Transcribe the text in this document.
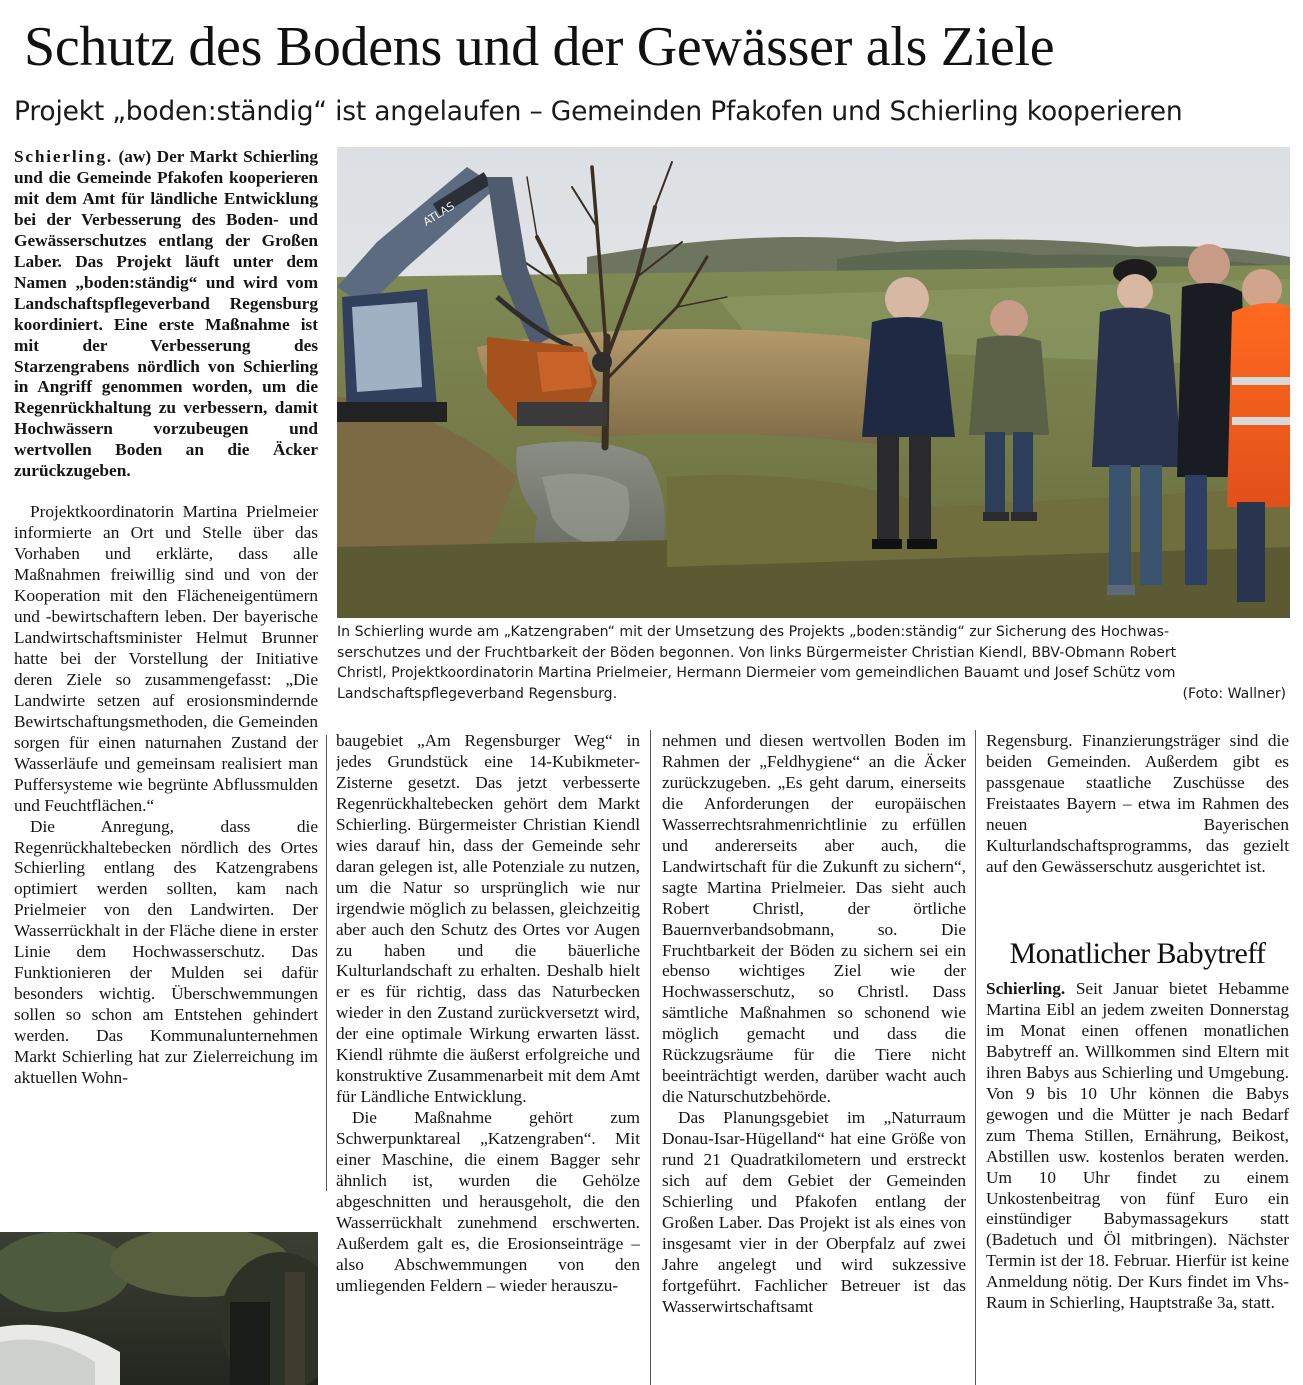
Schutz des Bodens und der Gewässer als Ziele
Projekt „boden:ständig“ ist angelaufen – Gemeinden Pfakofen und Schierling kooperieren

Schierling. (aw) Der Markt Schierling und die Gemeinde Pfakofen kooperieren mit dem Amt für ländliche Entwicklung bei der Verbesserung des Boden- und Gewässerschutzes entlang der Großen Laber. Das Projekt läuft unter dem Namen „boden:ständig“ und wird vom Landschaftspflegeverband Regensburg koordiniert. Eine erste Maßnahme ist mit der Verbesserung des Starzengrabens nördlich von Schierling in Angriff genommen worden, um die Regenrückhaltung zu verbessern, damit Hochwässern vorzubeugen und wertvollen Boden an die Äcker zurückzugeben.

Projektkoordinatorin Martina Prielmeier informierte an Ort und Stelle über das Vorhaben und erklärte, dass alle Maßnahmen freiwillig sind und von der Kooperation mit den Flächeneigentümern und -bewirtschaftern leben. Der bayerische Landwirtschaftsminister Helmut Brunner hatte bei der Vorstellung der Initiative deren Ziele so zusammengefasst: „Die Landwirte setzen auf erosionsmindernde Bewirtschaftungsmethoden, die Gemeinden sorgen für einen naturnahen Zustand der Wasserläufe und gemeinsam realisiert man Puffersysteme wie begrünte Abflussmulden und Feuchtflächen.“

Die Anregung, dass die Regenrückhaltebecken nördlich des Ortes Schierling entlang des Katzengrabens optimiert werden sollten, kam nach Prielmeier von den Landwirten. Der Wasserrückhalt in der Fläche diene in erster Linie dem Hochwasserschutz. Das Funktionieren der Mulden sei dafür besonders wichtig. Überschwemmungen sollen so schon am Entstehen gehindert werden. Das Kommunalunternehmen Markt Schierling hat zur Zielerreichung im aktuellen Wohn-

ATLAS
In Schierling wurde am „Katzengraben“ mit der Umsetzung des Projekts „boden:ständig“ zur Sicherung des Hochwas-
serschutzes und der Fruchtbarkeit der Böden begonnen. Von links Bürgermeister Christian Kiendl, BBV-Obmann Robert
Christl, Projektkoordinatorin Martina Prielmeier, Hermann Diermeier vom gemeindlichen Bauamt und Josef Schütz vom
Landschaftspflegeverband Regensburg.	(Foto: Wallner)

baugebiet „Am Regensburger Weg“ in jedes Grundstück eine 14-Kubikmeter-Zisterne gesetzt. Das jetzt verbesserte Regenrückhaltebecken gehört dem Markt Schierling. Bürgermeister Christian Kiendl wies darauf hin, dass der Gemeinde sehr daran gelegen ist, alle Potenziale zu nutzen, um die Natur so ursprünglich wie nur irgendwie möglich zu belassen, gleichzeitig aber auch den Schutz des Ortes vor Augen zu haben und die bäuerliche Kulturlandschaft zu erhalten. Deshalb hielt er es für richtig, dass das Naturbecken wieder in den Zustand zurückversetzt wird, der eine optimale Wirkung erwarten lässt. Kiendl rühmte die äußerst erfolgreiche und konstruktive Zusammenarbeit mit dem Amt für Ländliche Entwicklung.

Die Maßnahme gehört zum Schwerpunktareal „Katzengraben“. Mit einer Maschine, die einem Bagger sehr ähnlich ist, wurden die Gehölze abgeschnitten und herausgeholt, die den Wasserrückhalt zunehmend erschwerten. Außerdem galt es, die Erosionseinträge – also Abschwemmungen von den umliegenden Feldern – wieder herauszu-

nehmen und diesen wertvollen Boden im Rahmen der „Feldhygiene“ an die Äcker zurückzugeben. „Es geht darum, einerseits die Anforderungen der europäischen Wasserrechtsrahmenrichtlinie zu erfüllen und andererseits aber auch, die Landwirtschaft für die Zukunft zu sichern“, sagte Martina Prielmeier. Das sieht auch Robert Christl, der örtliche Bauernverbandsobmann, so. Die Fruchtbarkeit der Böden zu sichern sei ein ebenso wichtiges Ziel wie der Hochwasserschutz, so Christl. Dass sämtliche Maßnahmen so schonend wie möglich gemacht und dass die Rückzugsräume für die Tiere nicht beeinträchtigt werden, darüber wacht auch die Naturschutzbehörde.

Das Planungsgebiet im „Naturraum Donau-Isar-Hügelland“ hat eine Größe von rund 21 Quadratkilometern und erstreckt sich auf dem Gebiet der Gemeinden Schierling und Pfakofen entlang der Großen Laber. Das Projekt ist als eines von insgesamt vier in der Oberpfalz auf zwei Jahre angelegt und wird sukzessive fortgeführt. Fachlicher Betreuer ist das Wasserwirtschaftsamt

Regensburg. Finanzierungsträger sind die beiden Gemeinden. Außerdem gibt es passgenaue staatliche Zuschüsse des Freistaates Bayern – etwa im Rahmen des neuen Bayerischen Kulturlandschaftsprogramms, das gezielt auf den Gewässerschutz ausgerichtet ist.

Monatlicher Babytreff

Schierling. Seit Januar bietet Hebamme Martina Eibl an jedem zweiten Donnerstag im Monat einen offenen monatlichen Babytreff an. Willkommen sind Eltern mit ihren Babys aus Schierling und Umgebung. Von 9 bis 10 Uhr können die Babys gewogen und die Mütter je nach Bedarf zum Thema Stillen, Ernährung, Beikost, Abstillen usw. kostenlos beraten werden. Um 10 Uhr findet zu einem Unkostenbeitrag von fünf Euro ein einstündiger Babymassagekurs statt (Badetuch und Öl mitbringen). Nächster Termin ist der 18. Februar. Hierfür ist keine Anmeldung nötig. Der Kurs findet im Vhs-Raum in Schierling, Hauptstraße 3a, statt.
